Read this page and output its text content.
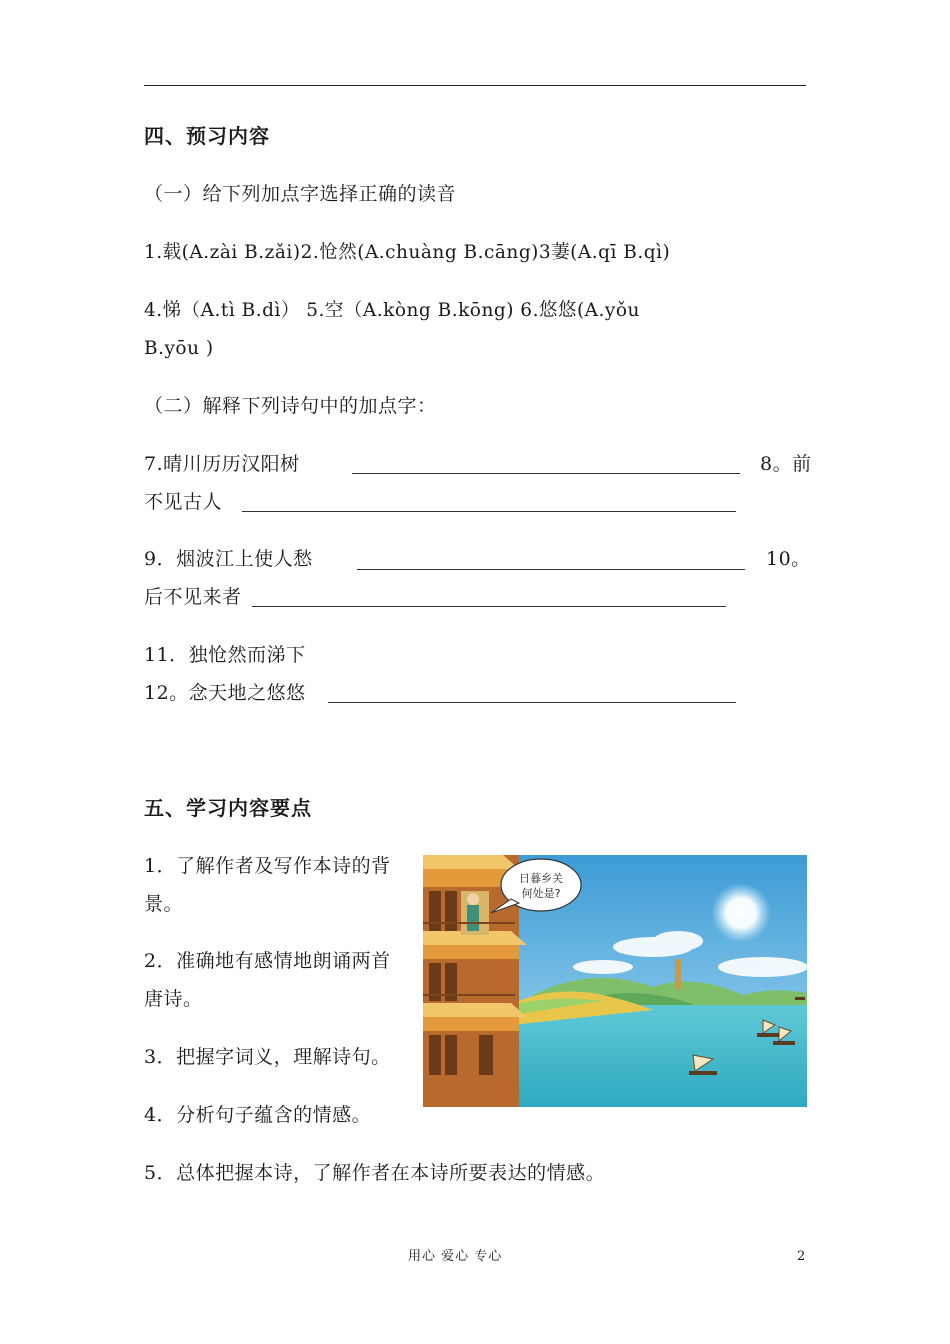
四、预习内容
（一）给下列加点字选择正确的读音
1.载(A.zài B.zǎi)2.怆然(A.chuàng B.cāng)3萋(A.qī B.qì)
4.悌（A.tì B.dì） 5.空（A.kòng B.kōng) 6.悠悠(A.yǒu
B.yōu )
（二）解释下列诗句中的加点字：
7.晴川历历汉阳树	8。前
不见古人
9．烟波江上使人愁	10。
后不见来者
11．独怆然而涕下
12。念天地之悠悠
五、学习内容要点
1．了解作者及写作本诗的背
景。
2．准确地有感情地朗诵两首
唐诗。
3．把握字词义，理解诗句。
4．分析句子蕴含的情感。
5．总体把握本诗，了解作者在本诗所要表达的情感。
日暮乡关
何处是?
用心 爱心 专心	2
